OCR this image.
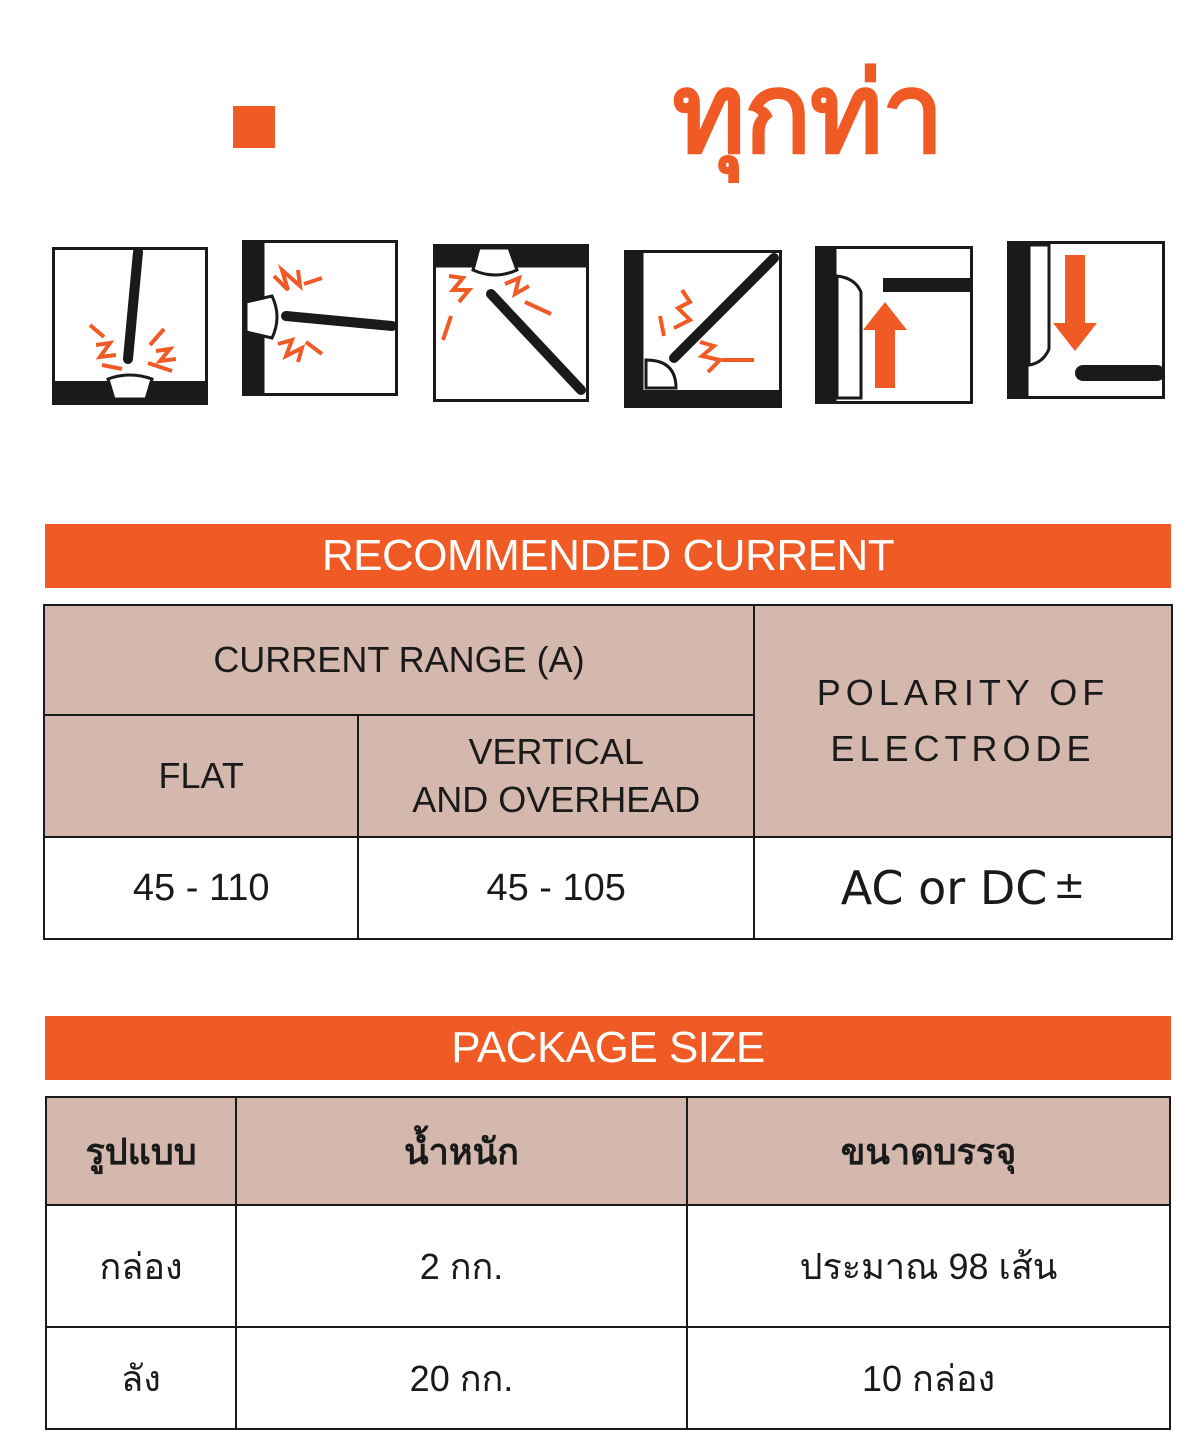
ทุกท่า
RECOMMENDED CURRENT
CURRENT RANGE (A)		POLARITY OF
ELECTRODE

FLAT	VERTICAL
AND OVERHEAD	

45 - 110	45 - 105	AC or DC ±
PACKAGE SIZE
รูปแบบ	น้ำหนัก	ขนาดบรรจุ
กล่อง	2 กก.	ประมาณ 98 เส้น
ลัง	20 กก.	10 กล่อง
